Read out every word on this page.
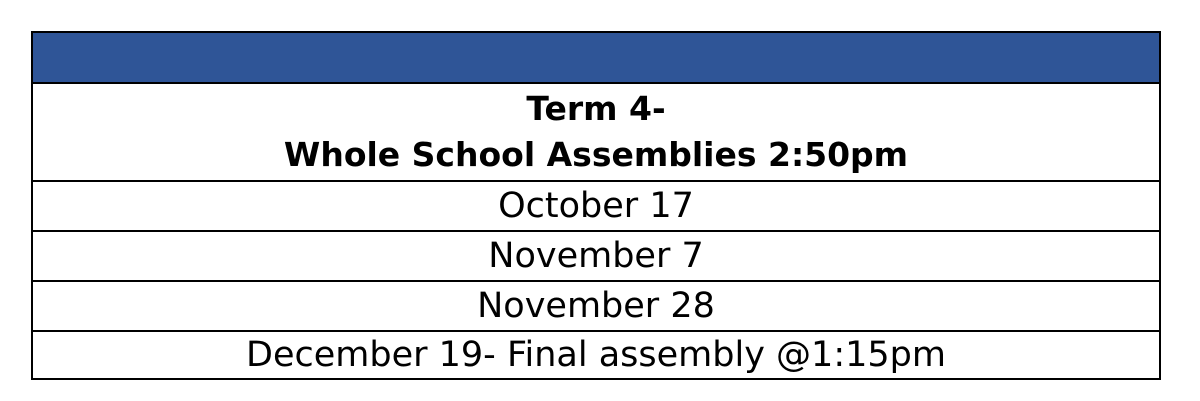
Term 4-
Whole School Assemblies 2:50pm
October 17
November 7
November 28
December 19- Final assembly @1:15pm
